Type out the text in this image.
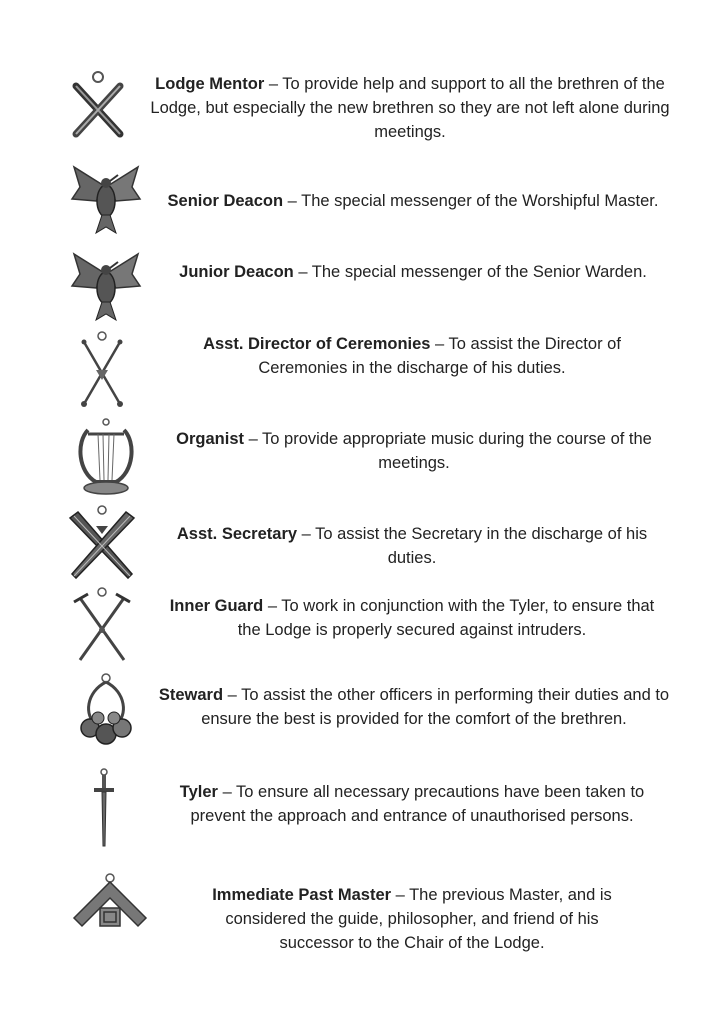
Lodge Mentor – To provide help and support to all the brethren of the Lodge, but especially the new brethren so they are not left alone during meetings.
Senior Deacon – The special messenger of the Worshipful Master.
Junior Deacon – The special messenger of the Senior Warden.
Asst. Director of Ceremonies – To assist the Director of Ceremonies in the discharge of his duties.
Organist – To provide appropriate music during the course of the meetings.
Asst. Secretary – To assist the Secretary in the discharge of his duties.
Inner Guard – To work in conjunction with the Tyler, to ensure that the Lodge is properly secured against intruders.
Steward – To assist the other officers in performing their duties and to ensure the best is provided for the comfort of the brethren.
Tyler – To ensure all necessary precautions have been taken to prevent the approach and entrance of unauthorised persons.
Immediate Past Master – The previous Master, and is considered the guide, philosopher, and friend of his successor to the Chair of the Lodge.
